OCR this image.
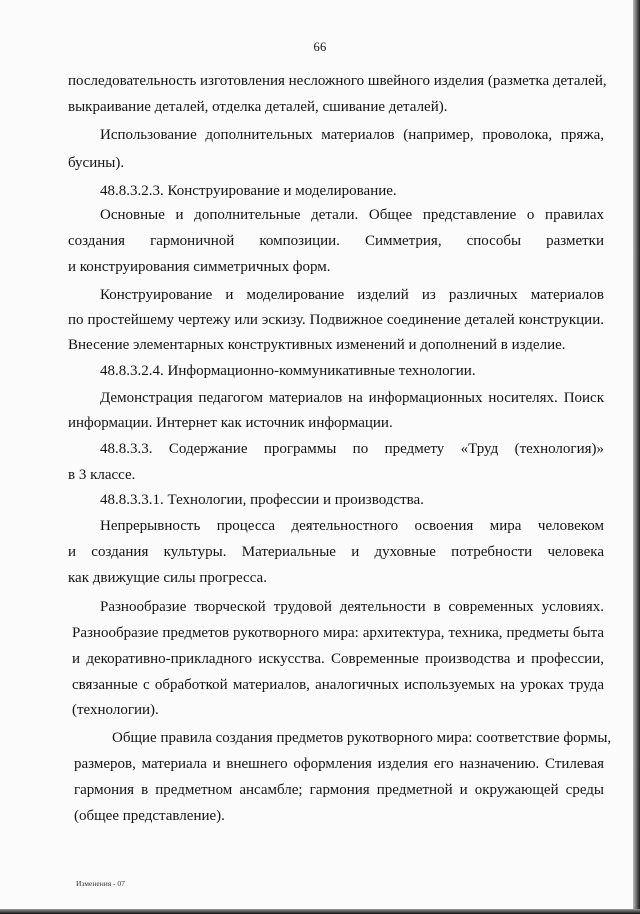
66
последовательность изготовления несложного швейного изделия (разметка деталей,
выкраивание деталей, отделка деталей, сшивание деталей).
Использование дополнительных материалов (например, проволока, пряжа,
бусины).
48.8.3.2.3. Конструирование и моделирование.
Основные и дополнительные детали. Общее представление о правилах
создания гармоничной композиции. Симметрия, способы разметки
и конструирования симметричных форм.
Конструирование и моделирование изделий из различных материалов
по простейшему чертежу или эскизу. Подвижное соединение деталей конструкции.
Внесение элементарных конструктивных изменений и дополнений в изделие.
48.8.3.2.4. Информационно-коммуникативные технологии.
Демонстрация педагогом материалов на информационных носителях. Поиск
информации. Интернет как источник информации.
48.8.3.3. Содержание программы по предмету «Труд (технология)»
в 3 классе.
48.8.3.3.1. Технологии, профессии и производства.
Непрерывность процесса деятельностного освоения мира человеком
и создания культуры. Материальные и духовные потребности человека
как движущие силы прогресса.
Разнообразие творческой трудовой деятельности в современных условиях.
Разнообразие предметов рукотворного мира: архитектура, техника, предметы быта
и декоративно-прикладного искусства. Современные производства и профессии,
связанные с обработкой материалов, аналогичных используемых на уроках труда
(технологии).
Общие правила создания предметов рукотворного мира: соответствие формы,
размеров, материала и внешнего оформления изделия его назначению. Стилевая
гармония в предметном ансамбле; гармония предметной и окружающей среды
(общее представление).
Изменения - 07
